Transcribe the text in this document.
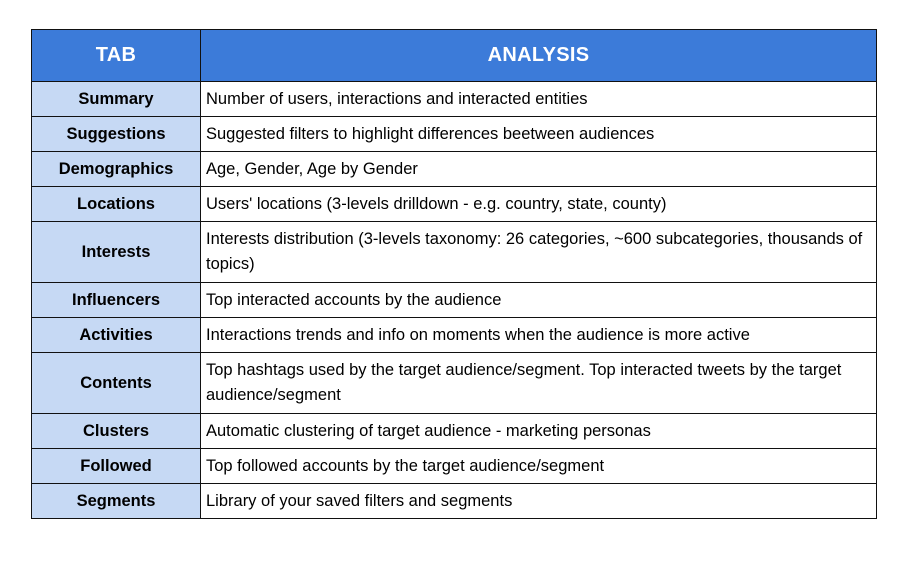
TAB	ANALYSIS
Summary	Number of users, interactions and interacted entities
Suggestions	Suggested filters to highlight differences beetween audiences
Demographics	Age, Gender, Age by Gender
Locations	Users' locations (3-levels drilldown - e.g. country, state, county)
Interests	Interests distribution (3-levels taxonomy: 26 categories, ~600 subcategories, thousands of topics)
Influencers	Top interacted accounts by the audience
Activities	Interactions trends and info on moments when the audience is more active
Contents	Top hashtags used by the target audience/segment. Top interacted tweets by the target audience/segment
Clusters	Automatic clustering of target audience - marketing personas
Followed	Top followed accounts by the target audience/segment
Segments	Library of your saved filters and segments
